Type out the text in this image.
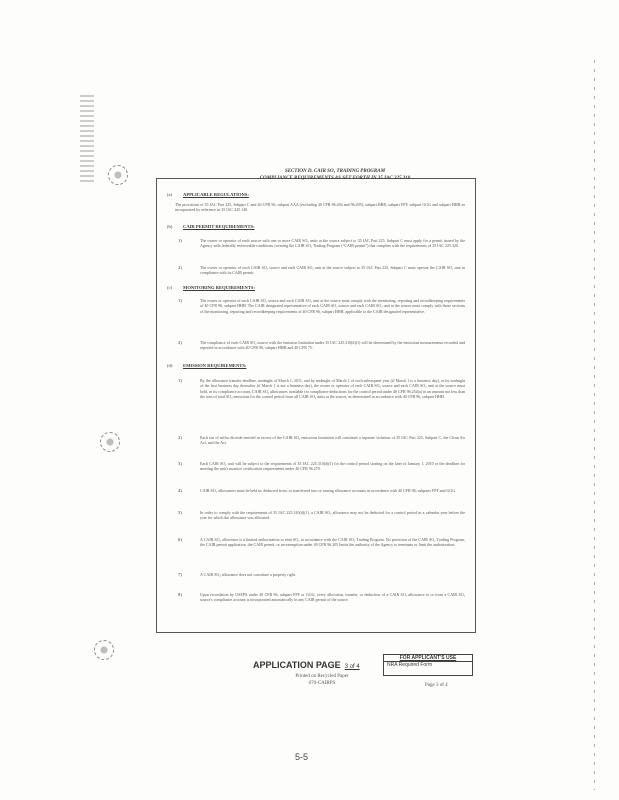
SECTION D. CAIR SO₂ TRADING PROGRAM
COMPLIANCE REQUIREMENTS AS SET FORTH IN 35 IAC 225.310
(a) APPLICABLE REGULATIONS:
The provisions of 35 IAC Part 225, Subpart C and 40 CFR 96, subpart AAA (excluding 40 CFR 96.204 and 96.205), subpart BBB, subpart FFF, subpart GGG and subpart HHH as incorporated by reference in 35 IAC 225.140.
(b) CAIR PERMIT REQUIREMENTS:
1)	The owner or operator of each source with one or more CAIR SO₂ units at the source subject to 35 IAC Part 225, Subpart C must apply for a permit issued by the Agency with federally enforceable conditions covering the CAIR SO₂ Trading Program (“CAIR permit”) that complies with the requirements of 35 IAC 225.320.
2)	The owner or operator of each CAIR SO₂ source and each CAIR SO₂ unit at the source subject to 35 IAC Part 225, Subpart C must operate the CAIR SO₂ unit in compliance with its CAIR permit.
(c) MONITORING REQUIREMENTS:
1)	The owner or operator of each CAIR SO₂ source and each CAIR SO₂ unit at the source must comply with the monitoring, reporting and recordkeeping requirements of 40 CFR 96, subpart HHH. The CAIR designated representative of each CAIR SO₂ source and each CAIR SO₂ unit at the source must comply with those sections of the monitoring, reporting and recordkeeping requirements of 40 CFR 96, subpart HHH, applicable to the CAIR designated representative.
2)	The compliance of each CAIR SO₂ source with the emission limitation under 35 IAC 225.310(d)(1) will be determined by the emissions measurements recorded and reported in accordance with 40 CFR 96, subpart HHH and 40 CFR 75.
(d) EMISSION REQUIREMENTS:
1)	By the allowance transfer deadline, midnight of March 1, 2011, and by midnight of March 1 of each subsequent year (if March 1 is a business day), or by midnight of the first business day thereafter (if March 1 is not a business day), the owner or operator of each CAIR SO₂ source and each CAIR SO₂ unit at the source must hold, in its compliance account, CAIR SO₂ allowances available for compliance deductions for the control period under 40 CFR 96.254(a) in an amount not less than the tons of total SO₂ emissions for the control period from all CAIR SO₂ units at the source, as determined in accordance with 40 CFR 96, subpart HHH.
2)	Each ton of sulfur dioxide emitted in excess of the CAIR SO₂ emissions limitation will constitute a separate violation of 35 IAC Part 225, Subpart C, the Clean Air Act, and the Act.
3)	Each CAIR SO₂ unit will be subject to the requirements of 35 IAC 225.310(d)(1) for the control period starting on the later of January 1, 2010 or the deadline for meeting the unit's monitor certification requirements under 40 CFR 96.270.
4)	CAIR SO₂ allowances must be held in, deducted from, or transferred into or among allowance accounts in accordance with 40 CFR 96, subparts FFF and GGG.
5)	In order to comply with the requirements of 35 IAC 225.310(d)(1), a CAIR SO₂ allowance may not be deducted for a control period in a calendar year before the year for which the allowance was allocated.
6)	A CAIR SO₂ allowance is a limited authorization to emit SO₂ in accordance with the CAIR SO₂ Trading Program. No provision of the CAIR SO₂ Trading Program, the CAIR permit application, the CAIR permit, or an exemption under 40 CFR 96.205 limits the authority of the Agency to terminate or limit the authorization.
7)	A CAIR SO₂ allowance does not constitute a property right.
8)	Upon recordation by USEPA under 40 CFR 96, subpart FFF or GGG, every allocation, transfer, or deduction of a CAIR SO₂ allowance to or from a CAIR SO₂ source's compliance account is incorporated automatically in any CAIR permit of the source.
APPLICATION PAGE 3 of 4
Printed on Recycled Paper
070-CAIRPS
FOR APPLICANT'S USE
NRA Required Form
Page 3 of 4
5-5
